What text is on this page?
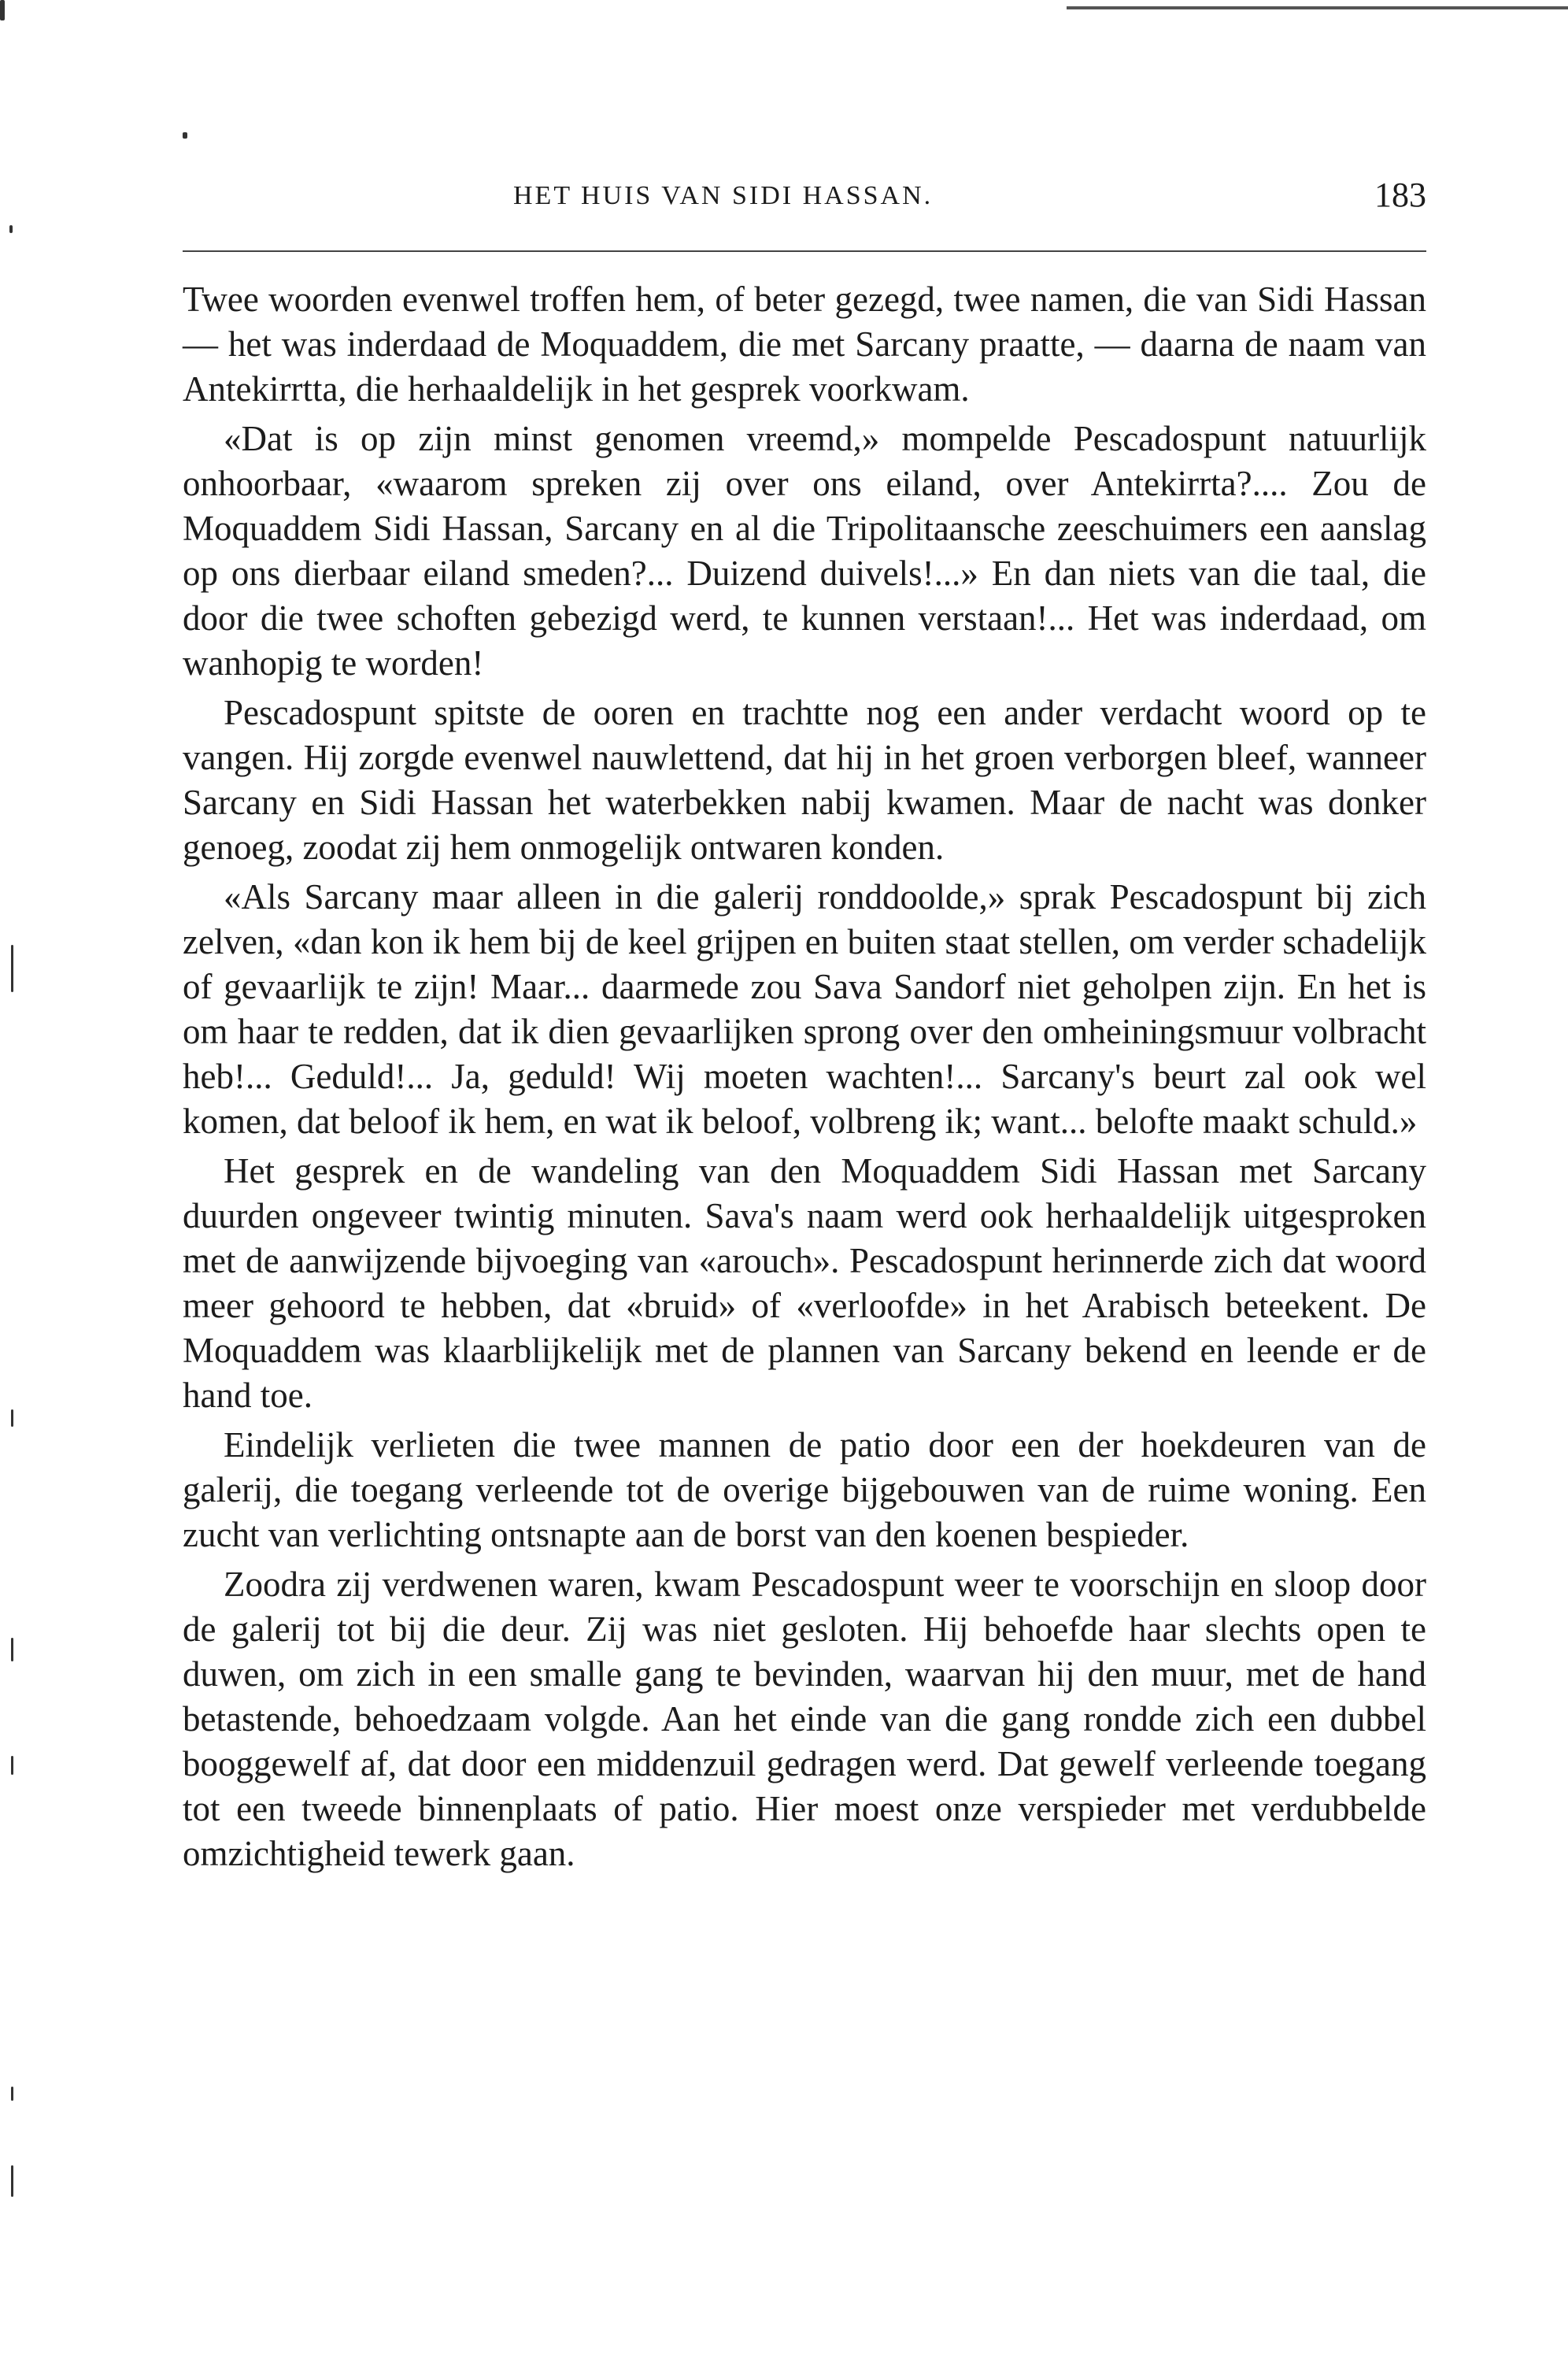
HET HUIS VAN SIDI HASSAN.	183

Twee woorden evenwel troffen hem, of beter gezegd, twee namen, die van Sidi Hassan — het was inderdaad de Moquaddem, die met Sarcany praatte, — daarna de naam van Antekirrtta, die herhaaldelijk in het gesprek voorkwam.

«Dat is op zijn minst genomen vreemd,» mompelde Pescadospunt natuurlijk onhoorbaar, «waarom spreken zij over ons eiland, over Antekirrta?.... Zou de Moquaddem Sidi Hassan, Sarcany en al die Tripolitaansche zeeschuimers een aanslag op ons dierbaar eiland smeden?... Duizend duivels!...» En dan niets van die taal, die door die twee schoften gebezigd werd, te kunnen verstaan!... Het was inderdaad, om wanhopig te worden!

Pescadospunt spitste de ooren en trachtte nog een ander verdacht woord op te vangen. Hij zorgde evenwel nauwlettend, dat hij in het groen verborgen bleef, wanneer Sarcany en Sidi Hassan het waterbekken nabij kwamen. Maar de nacht was donker genoeg, zoodat zij hem onmogelijk ontwaren konden.

«Als Sarcany maar alleen in die galerij ronddoolde,» sprak Pescadospunt bij zich zelven, «dan kon ik hem bij de keel grijpen en buiten staat stellen, om verder schadelijk of gevaarlijk te zijn! Maar... daarmede zou Sava Sandorf niet geholpen zijn. En het is om haar te redden, dat ik dien gevaarlijken sprong over den omheiningsmuur volbracht heb!... Geduld!... Ja, geduld! Wij moeten wachten!... Sarcany's beurt zal ook wel komen, dat beloof ik hem, en wat ik beloof, volbreng ik; want... belofte maakt schuld.»

Het gesprek en de wandeling van den Moquaddem Sidi Hassan met Sarcany duurden ongeveer twintig minuten. Sava's naam werd ook herhaaldelijk uitgesproken met de aanwijzende bijvoeging van «arouch». Pescadospunt herinnerde zich dat woord meer gehoord te hebben, dat «bruid» of «verloofde» in het Arabisch beteekent. De Moquaddem was klaarblijkelijk met de plannen van Sarcany bekend en leende er de hand toe.

Eindelijk verlieten die twee mannen de patio door een der hoekdeuren van de galerij, die toegang verleende tot de overige bijgebouwen van de ruime woning. Een zucht van verlichting ontsnapte aan de borst van den koenen bespieder.

Zoodra zij verdwenen waren, kwam Pescadospunt weer te voorschijn en sloop door de galerij tot bij die deur. Zij was niet gesloten. Hij behoefde haar slechts open te duwen, om zich in een smalle gang te bevinden, waarvan hij den muur, met de hand betastende, behoedzaam volgde. Aan het einde van die gang rondde zich een dubbel booggewelf af, dat door een middenzuil gedragen werd. Dat gewelf verleende toegang tot een tweede binnenplaats of patio. Hier moest onze verspieder met verdubbelde omzichtigheid tewerk gaan.
